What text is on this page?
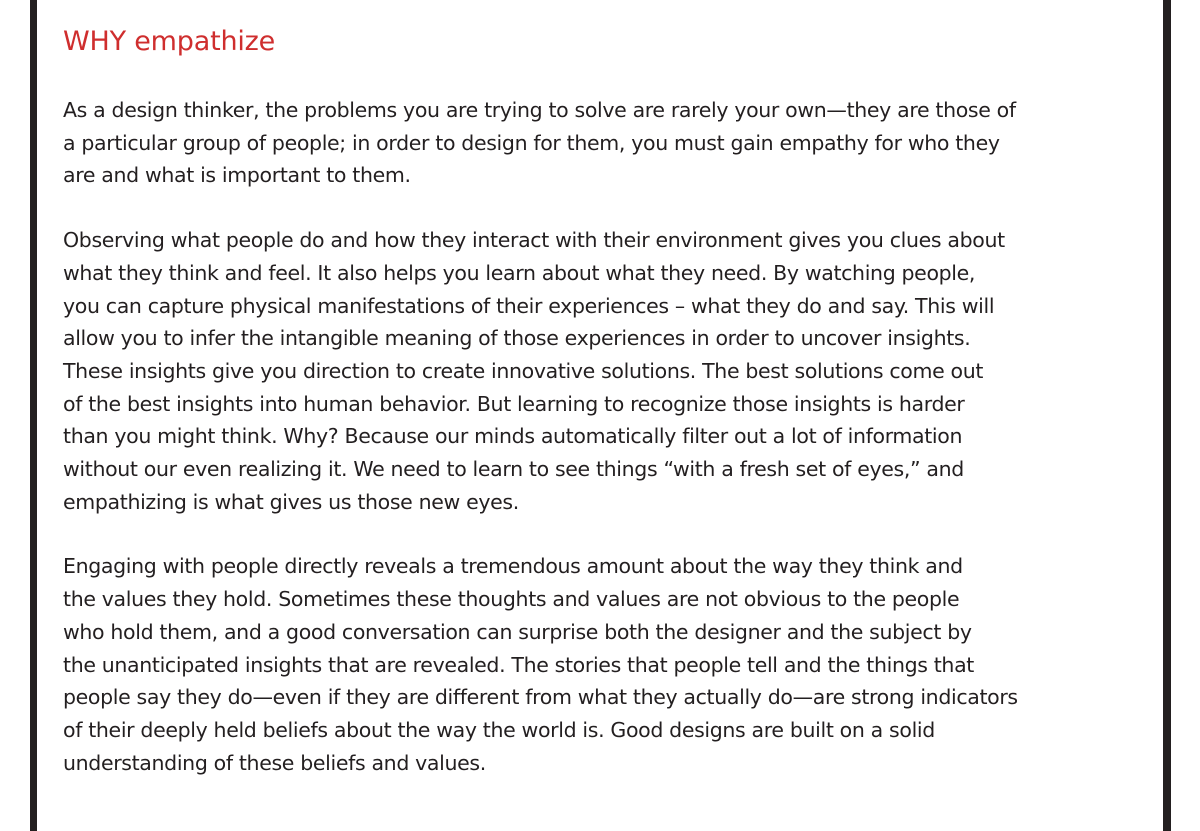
WHY empathize

As a design thinker, the problems you are trying to solve are rarely your own—they are those of
a particular group of people; in order to design for them, you must gain empathy for who they
are and what is important to them.

Observing what people do and how they interact with their environment gives you clues about
what they think and feel. It also helps you learn about what they need. By watching people,
you can capture physical manifestations of their experiences – what they do and say. This will
allow you to infer the intangible meaning of those experiences in order to uncover insights.
These insights give you direction to create innovative solutions. The best solutions come out
of the best insights into human behavior. But learning to recognize those insights is harder
than you might think. Why? Because our minds automatically filter out a lot of information
without our even realizing it. We need to learn to see things “with a fresh set of eyes,” and
empathizing is what gives us those new eyes.

Engaging with people directly reveals a tremendous amount about the way they think and
the values they hold. Sometimes these thoughts and values are not obvious to the people
who hold them, and a good conversation can surprise both the designer and the subject by
the unanticipated insights that are revealed. The stories that people tell and the things that
people say they do—even if they are different from what they actually do—are strong indicators
of their deeply held beliefs about the way the world is. Good designs are built on a solid
understanding of these beliefs and values.
